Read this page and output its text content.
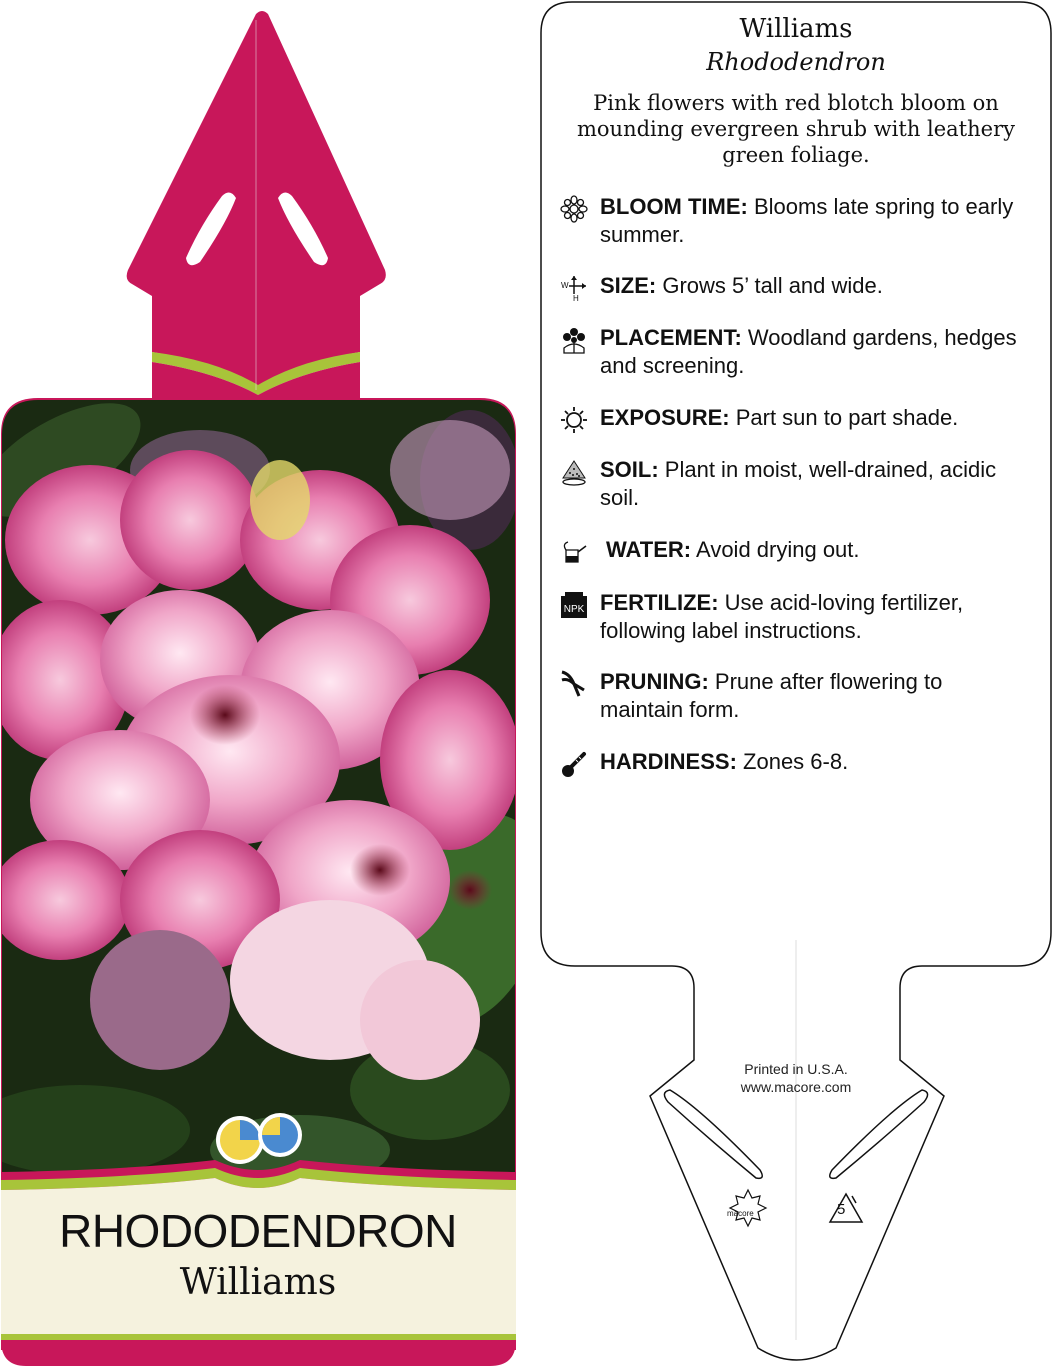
RHODODENDRON
Williams
Williams
Rhododendron
Pink flowers with red blotch bloom on mounding evergreen shrub with leathery green foliage.
BLOOM TIME: Blooms late spring to early summer.
W
H
SIZE: Grows 5’ tall and wide.
PLACEMENT: Woodland gardens, hedges and screening.
EXPOSURE: Part sun to part shade.
SOIL: Plant in moist, well-drained, acidic soil.
WATER: Avoid drying out.
NPK FERTILIZE: Use acid-loving fertilizer, following label instructions.
PRUNING: Prune after flowering to maintain form.
HARDINESS: Zones 6-8.
Printed in U.S.A.
www.macore.com
macore	5
